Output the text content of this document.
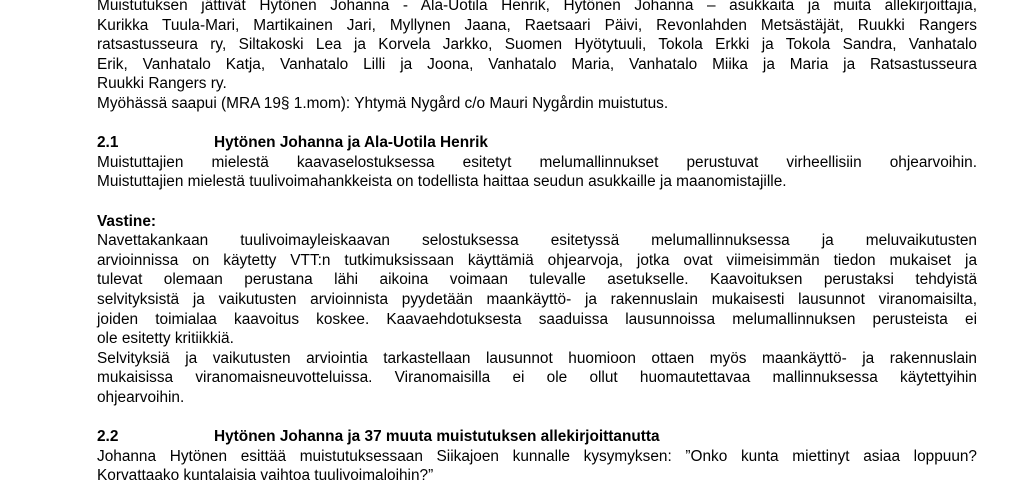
Muistutuksen jättivät Hytönen Johanna - Ala-Uotila Henrik, Hytönen Johanna – asukkaita ja muita allekirjoittajia,

Kurikka Tuula-Mari, Martikainen Jari, Myllynen Jaana, Raetsaari Päivi, Revonlahden Metsästäjät, Ruukki Rangers

ratsastusseura ry, Siltakoski Lea ja Korvela Jarkko, Suomen Hyötytuuli, Tokola Erkki ja Tokola Sandra, Vanhatalo

Erik, Vanhatalo Katja, Vanhatalo Lilli ja Joona, Vanhatalo Maria, Vanhatalo Miika ja Maria ja Ratsastusseura

Ruukki Rangers ry.

Myöhässä saapui (MRA 19§ 1.mom): Yhtymä Nygård c/o Mauri Nygårdin muistutus.

2.1	Hytönen Johanna ja Ala-Uotila Henrik

Muistuttajien mielestä kaavaselostuksessa esitetyt melumallinnukset perustuvat virheellisiin ohjearvoihin.

Muistuttajien mielestä tuulivoimahankkeista on todellista haittaa seudun asukkaille ja maanomistajille.

Vastine:

Navettakankaan tuulivoimayleiskaavan selostuksessa esitetyssä melumallinnuksessa ja meluvaikutusten

arvioinnissa on käytetty VTT:n tutkimuksissaan käyttämiä ohjearvoja, jotka ovat viimeisimmän tiedon mukaiset ja

tulevat olemaan perustana lähi aikoina voimaan tulevalle asetukselle. Kaavoituksen perustaksi tehdyistä

selvityksistä ja vaikutusten arvioinnista pyydetään maankäyttö- ja rakennuslain mukaisesti lausunnot viranomaisilta,

joiden toimialaa kaavoitus koskee. Kaavaehdotuksesta saaduissa lausunnoissa melumallinnuksen perusteista ei

ole esitetty kritiikkiä.

Selvityksiä ja vaikutusten arviointia tarkastellaan lausunnot huomioon ottaen myös maankäyttö- ja rakennuslain

mukaisissa viranomaisneuvotteluissa. Viranomaisilla ei ole ollut huomautettavaa mallinnuksessa käytettyihin

ohjearvoihin.

2.2	Hytönen Johanna ja 37 muuta muistutuksen allekirjoittanutta

Johanna Hytönen esittää muistutuksessaan Siikajoen kunnalle kysymyksen: ”Onko kunta miettinyt asiaa loppuun?

Korvattaako kuntalaisia vaihtoa tuulivoimaloihin?”
